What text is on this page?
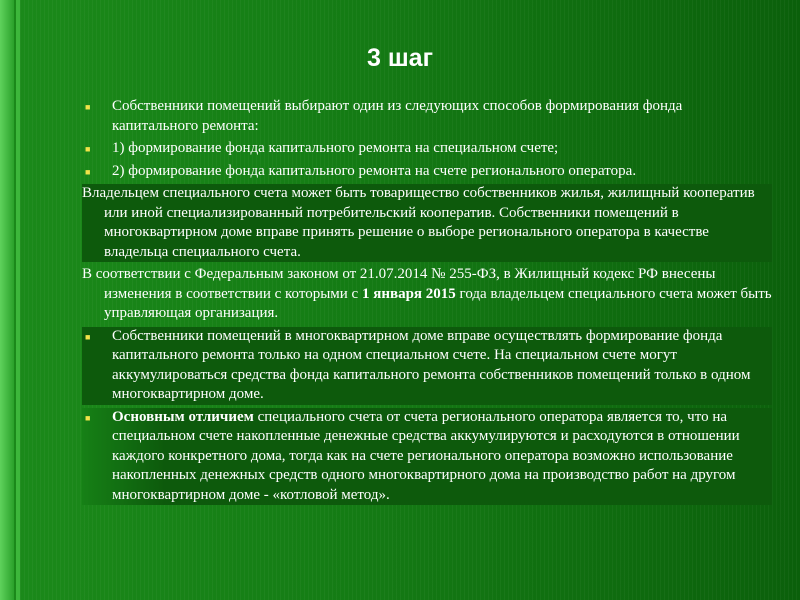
3 шаг
■ Собственники помещений выбирают один из следующих способов формирования фонда капитального ремонта:
■ 1) формирование фонда капитального ремонта на специальном счете;
■ 2) формирование фонда капитального ремонта на счете регионального оператора.
Владельцем специального счета может быть товарищество собственников жилья, жилищный кооператив или иной специализированный потребительский кооператив. Собственники помещений в многоквартирном доме вправе принять решение о выборе регионального оператора в качестве владельца специального счета.
В соответствии с Федеральным законом от 21.07.2014 № 255-ФЗ, в Жилищный кодекс РФ внесены изменения в соответствии с которыми с 1 января 2015 года владельцем специального счета может быть управляющая организация.
■ Собственники помещений в многоквартирном доме вправе осуществлять формирование фонда капитального ремонта только на одном специальном счете. На специальном счете могут аккумулироваться средства фонда капитального ремонта собственников помещений только в одном многоквартирном доме.
■ Основным отличием специального счета от счета регионального оператора является то, что на специальном счете накопленные денежные средства аккумулируются и расходуются в отношении каждого конкретного дома, тогда как на счете регионального оператора возможно использование накопленных денежных средств одного многоквартирного дома на производство работ на другом многоквартирном доме - «котловой метод».
